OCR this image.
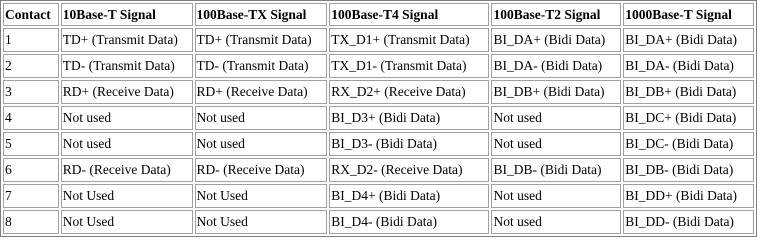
Contact	10Base-T Signal	100Base-TX Signal	100Base-T4 Signal	100Base-T2 Signal	1000Base-T Signal
1	TD+ (Transmit Data)	TD+ (Transmit Data)	TX_D1+ (Transmit Data)	BI_DA+ (Bidi Data)	BI_DA+ (Bidi Data)
2	TD- (Transmit Data)	TD- (Transmit Data)	TX_D1- (Transmit Data)	BI_DA- (Bidi Data)	BI_DA- (Bidi Data)
3	RD+ (Receive Data)	RD+ (Receive Data)	RX_D2+ (Receive Data)	BI_DB+ (Bidi Data)	BI_DB+ (Bidi Data)
4	Not used	Not used	BI_D3+ (Bidi Data)	Not used	BI_DC+ (Bidi Data)
5	Not used	Not used	BI_D3- (Bidi Data)	Not used	BI_DC- (Bidi Data)
6	RD- (Receive Data)	RD- (Receive Data)	RX_D2- (Receive Data)	BI_DB- (Bidi Data)	BI_DB- (Bidi Data)
7	Not Used	Not Used	BI_D4+ (Bidi Data)	Not used	BI_DD+ (Bidi Data)
8	Not Used	Not Used	BI_D4- (Bidi Data)	Not used	BI_DD- (Bidi Data)
